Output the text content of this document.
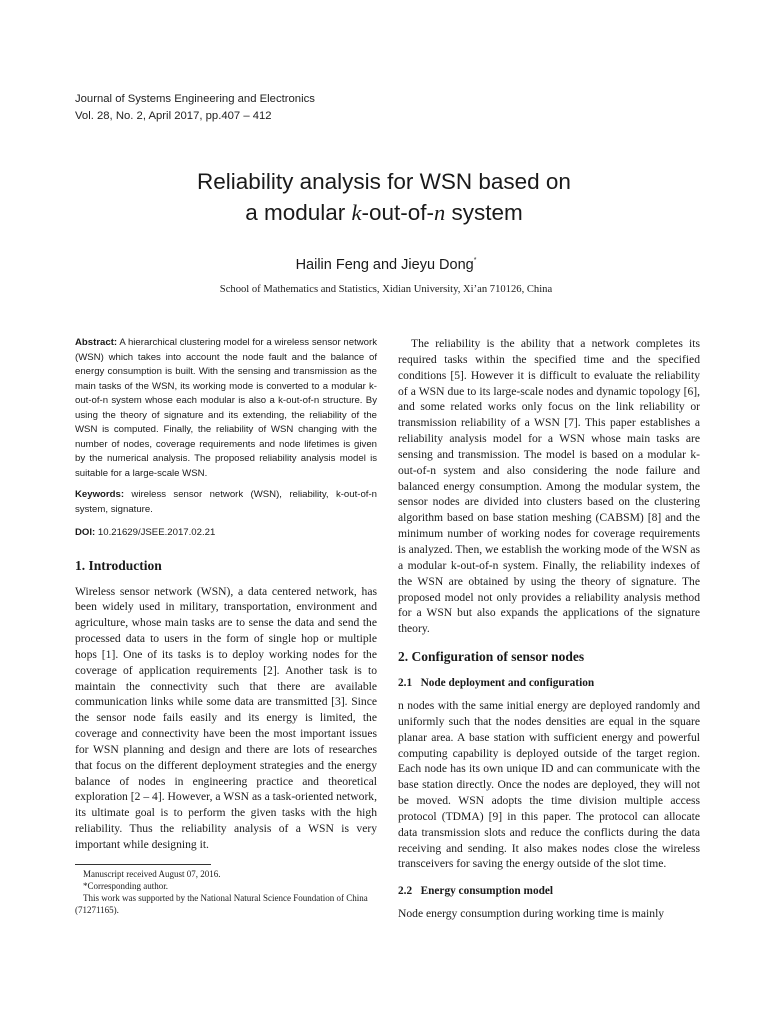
Journal of Systems Engineering and Electronics
Vol. 28, No. 2, April 2017, pp.407 – 412
Reliability analysis for WSN based on
a modular k-out-of-n system
Hailin Feng and Jieyu Dong*
School of Mathematics and Statistics, Xidian University, Xi’an 710126, China
Abstract: A hierarchical clustering model for a wireless sensor network (WSN) which takes into account the node fault and the balance of energy consumption is built. With the sensing and transmission as the main tasks of the WSN, its working mode is converted to a modular k-out-of-n system whose each modular is also a k-out-of-n structure. By using the theory of signature and its extending, the reliability of the WSN is computed. Finally, the reliability of WSN changing with the number of nodes, coverage requirements and node lifetimes is given by the numerical analysis. The proposed reliability analysis model is suitable for a large-scale WSN.
Keywords: wireless sensor network (WSN), reliability, k-out-of-n system, signature.
DOI: 10.21629/JSEE.2017.02.21
1. Introduction

Wireless sensor network (WSN), a data centered network, has been widely used in military, transportation, environment and agriculture, whose main tasks are to sense the data and send the processed data to users in the form of single hop or multiple hops [1]. One of its tasks is to deploy working nodes for the coverage of application requirements [2]. Another task is to maintain the connectivity such that there are available communication links while some data are transmitted [3]. Since the sensor node fails easily and its energy is limited, the coverage and connectivity have been the most important issues for WSN planning and design and there are lots of researches that focus on the different deployment strategies and the energy balance of nodes in engineering practice and theoretical exploration [2 – 4]. However, a WSN as a task-oriented network, its ultimate goal is to perform the given tasks with the high reliability. Thus the reliability analysis of a WSN is very important while designing it.

Manuscript received August 07, 2016.
*Corresponding author.
This work was supported by the National Natural Science Foundation of China (71271165).

The reliability is the ability that a network completes its required tasks within the specified time and the specified conditions [5]. However it is difficult to evaluate the reliability of a WSN due to its large-scale nodes and dynamic topology [6], and some related works only focus on the link reliability or transmission reliability of a WSN [7]. This paper establishes a reliability analysis model for a WSN whose main tasks are sensing and transmission. The model is based on a modular k-out-of-n system and also considering the node failure and balanced energy consumption. Among the modular system, the sensor nodes are divided into clusters based on the clustering algorithm based on base station meshing (CABSM) [8] and the minimum number of working nodes for coverage requirements is analyzed. Then, we establish the working mode of the WSN as a modular k-out-of-n system. Finally, the reliability indexes of the WSN are obtained by using the theory of signature. The proposed model not only provides a reliability analysis method for a WSN but also expands the applications of the signature theory.

2. Configuration of sensor nodes
2.1   Node deployment and configuration

n nodes with the same initial energy are deployed randomly and uniformly such that the nodes densities are equal in the square planar area. A base station with sufficient energy and powerful computing capability is deployed outside of the target region. Each node has its own unique ID and can communicate with the base station directly. Once the nodes are deployed, they will not be moved. WSN adopts the time division multiple access protocol (TDMA) [9] in this paper. The protocol can allocate data transmission slots and reduce the conflicts during the data receiving and sending. It also makes nodes close the wireless transceivers for saving the energy outside of the slot time.

2.2   Energy consumption model

Node energy consumption during working time is mainly
